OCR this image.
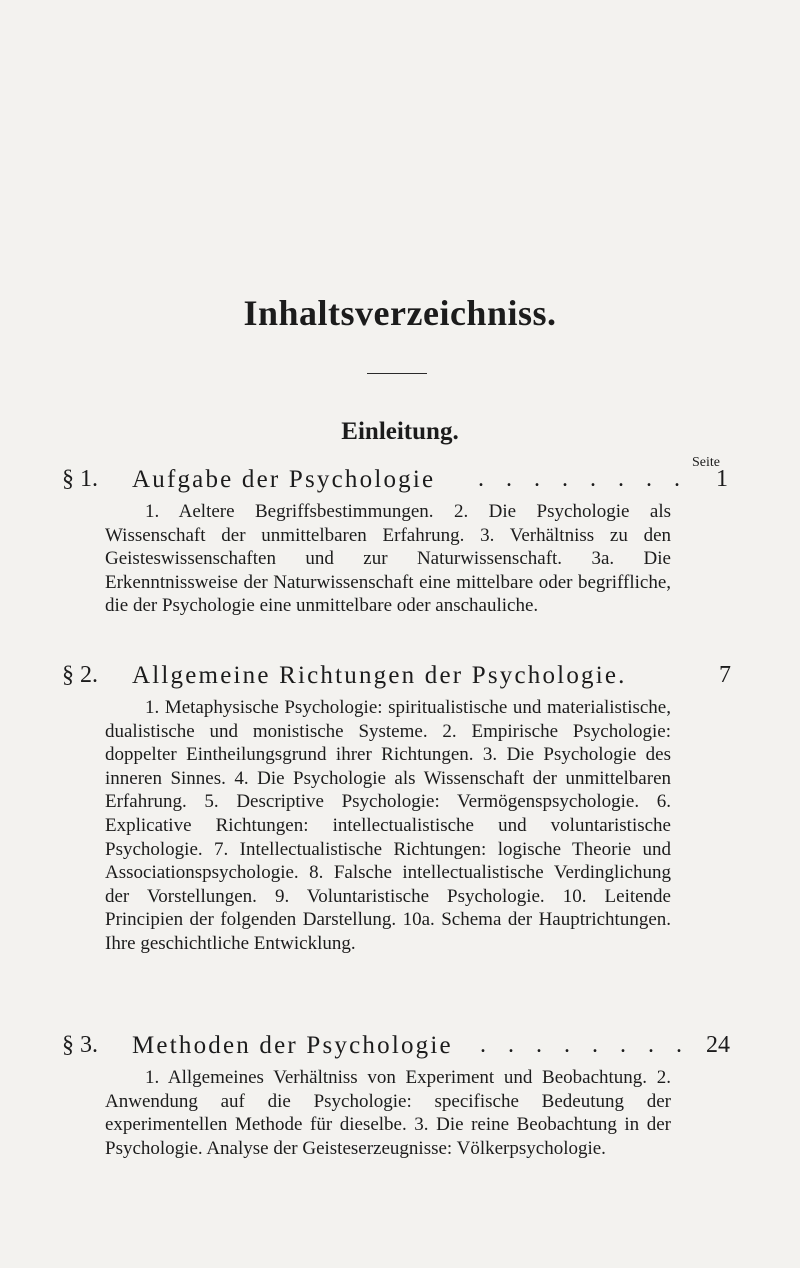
Inhaltsverzeichniss.
Einleitung.
Seite
§ 1. Aufgabe der Psychologie . . . . . . . . 1
1. Aeltere Begriffsbestimmungen. 2. Die Psychologie als Wissenschaft der unmittelbaren Erfahrung. 3. Verhältniss zu den Geisteswissenschaften und zur Naturwissenschaft. 3a. Die Erkenntnissweise der Naturwissenschaft eine mittelbare oder begriffliche, die der Psychologie eine unmittelbare oder anschauliche.
§ 2. Allgemeine Richtungen der Psychologie.	7
1. Metaphysische Psychologie: spiritualistische und materialistische, dualistische und monistische Systeme. 2. Empirische Psychologie: doppelter Eintheilungsgrund ihrer Richtungen. 3. Die Psychologie des inneren Sinnes. 4. Die Psychologie als Wissenschaft der unmittelbaren Erfahrung. 5. Descriptive Psychologie: Vermögenspsychologie. 6. Explicative Richtungen: intellectualistische und voluntaristische Psychologie. 7. Intellectualistische Richtungen: logische Theorie und Associationspsychologie. 8. Falsche intellectualistische Verdinglichung der Vorstellungen. 9. Voluntaristische Psychologie. 10. Leitende Principien der folgenden Darstellung. 10a. Schema der Hauptrichtungen. Ihre geschichtliche Entwicklung.
§ 3. Methoden der Psychologie . . . . . . . . 24
1. Allgemeines Verhältniss von Experiment und Beobachtung. 2. Anwendung auf die Psychologie: specifische Bedeutung der experimentellen Methode für dieselbe. 3. Die reine Beobachtung in der Psychologie. Analyse der Geisteserzeugnisse: Völkerpsychologie.
